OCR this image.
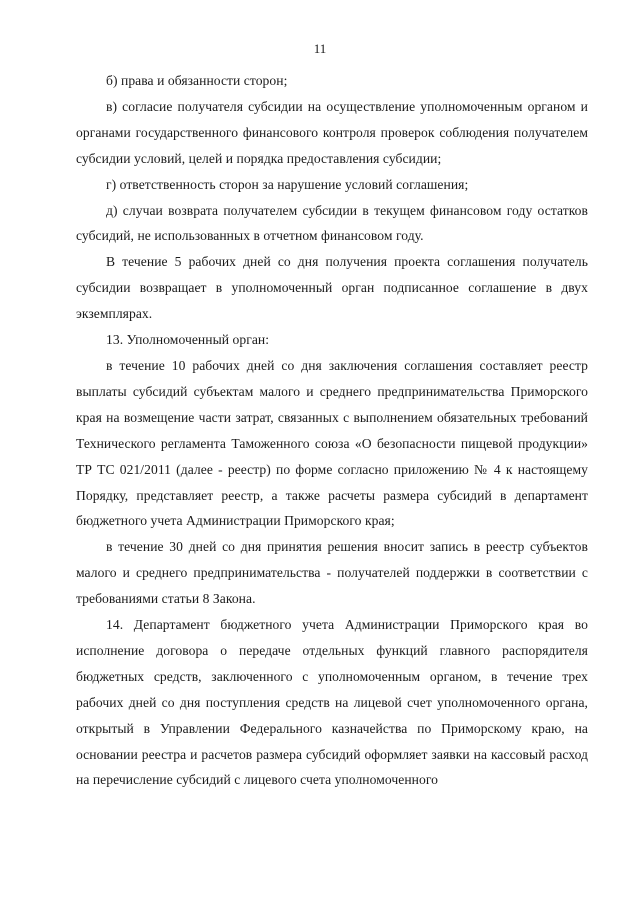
11

б) права и обязанности сторон;

в) согласие получателя субсидии на осуществление уполномоченным органом и органами государственного финансового контроля проверок соблюдения получателем субсидии условий, целей и порядка предоставления субсидии;

г) ответственность сторон за нарушение условий соглашения;

д) случаи возврата получателем субсидии в текущем финансовом году остатков субсидий, не использованных в отчетном финансовом году.

В течение 5 рабочих дней со дня получения проекта соглашения получатель субсидии возвращает в уполномоченный орган подписанное соглашение в двух экземплярах.

13. Уполномоченный орган:

в течение 10 рабочих дней со дня заключения соглашения составляет реестр выплаты субсидий субъектам малого и среднего предпринимательства Приморского края на возмещение части затрат, связанных с выполнением обязательных требований Технического регламента Таможенного союза «О безопасности пищевой продукции» ТР ТС 021/2011 (далее - реестр) по форме согласно приложению № 4 к настоящему Порядку, представляет реестр, а также расчеты размера субсидий в департамент бюджетного учета Администрации Приморского края;

в течение 30 дней со дня принятия решения вносит запись в реестр субъектов малого и среднего предпринимательства - получателей поддержки в соответствии с требованиями статьи 8 Закона.

14. Департамент бюджетного учета Администрации Приморского края во исполнение договора о передаче отдельных функций главного распорядителя бюджетных средств, заключенного с уполномоченным органом, в течение трех рабочих дней со дня поступления средств на лицевой счет уполномоченного органа, открытый в Управлении Федерального казначейства по Приморскому краю, на основании реестра и расчетов размера субсидий оформляет заявки на кассовый расход на перечисление субсидий с лицевого счета уполномоченного
